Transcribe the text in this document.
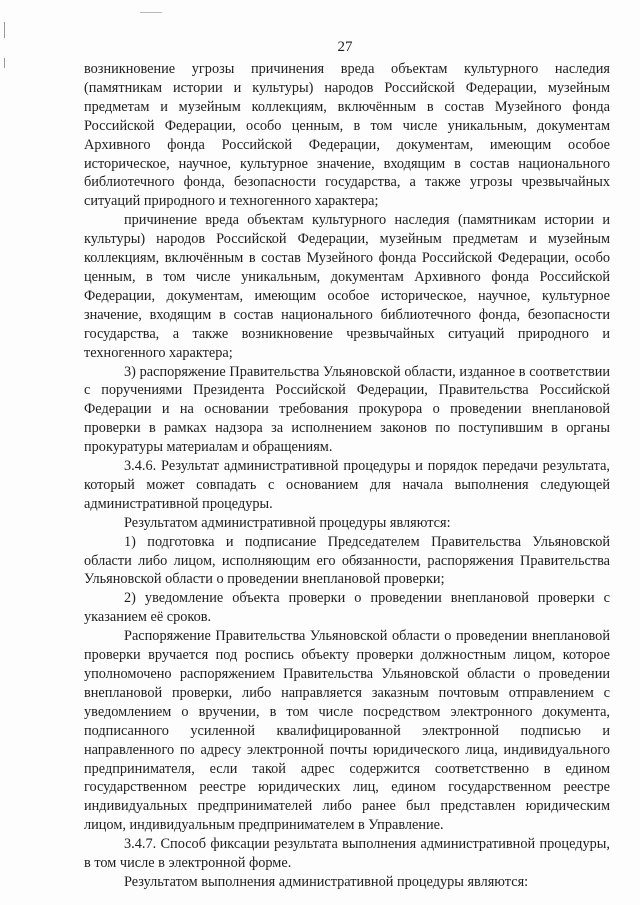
27

возникновение угрозы причинения вреда объектам культурного наследия (памятникам истории и культуры) народов Российской Федерации, музейным предметам и музейным коллекциям, включённым в состав Музейного фонда Российской Федерации, особо ценным, в том числе уникальным, документам Архивного фонда Российской Федерации, документам, имеющим особое историческое, научное, культурное значение, входящим в состав национального библиотечного фонда, безопасности государства, а также угрозы чрезвычайных ситуаций природного и техногенного характера;

причинение вреда объектам культурного наследия (памятникам истории и культуры) народов Российской Федерации, музейным предметам и музейным коллекциям, включённым в состав Музейного фонда Российской Федерации, особо ценным, в том числе уникальным, документам Архивного фонда Российской Федерации, документам, имеющим особое историческое, научное, культурное значение, входящим в состав национального библиотечного фонда, безопасности государства, а также возникновение чрезвычайных ситуаций природного и техногенного характера;

3) распоряжение Правительства Ульяновской области, изданное в соответствии с поручениями Президента Российской Федерации, Правительства Российской Федерации и на основании требования прокурора о проведении внеплановой проверки в рамках надзора за исполнением законов по поступившим в органы прокуратуры материалам и обращениям.

3.4.6. Результат административной процедуры и порядок передачи результата, который может совпадать с основанием для начала выполнения следующей административной процедуры.

Результатом административной процедуры являются:

1) подготовка и подписание Председателем Правительства Ульяновской области либо лицом, исполняющим его обязанности, распоряжения Правительства Ульяновской области о проведении внеплановой проверки;

2) уведомление объекта проверки о проведении внеплановой проверки с указанием её сроков.

Распоряжение Правительства Ульяновской области о проведении внеплановой проверки вручается под роспись объекту проверки должностным лицом, которое уполномочено распоряжением Правительства Ульяновской области о проведении внеплановой проверки, либо направляется заказным почтовым отправлением с уведомлением о вручении, в том числе посредством электронного документа, подписанного усиленной квалифицированной электронной подписью и направленного по адресу электронной почты юридического лица, индивидуального предпринимателя, если такой адрес содержится соответственно в едином государственном реестре юридических лиц, едином государственном реестре индивидуальных предпринимателей либо ранее был представлен юридическим лицом, индивидуальным предпринимателем в Управление.

3.4.7. Способ фиксации результата выполнения административной процедуры, в том числе в электронной форме.

Результатом выполнения административной процедуры являются:
